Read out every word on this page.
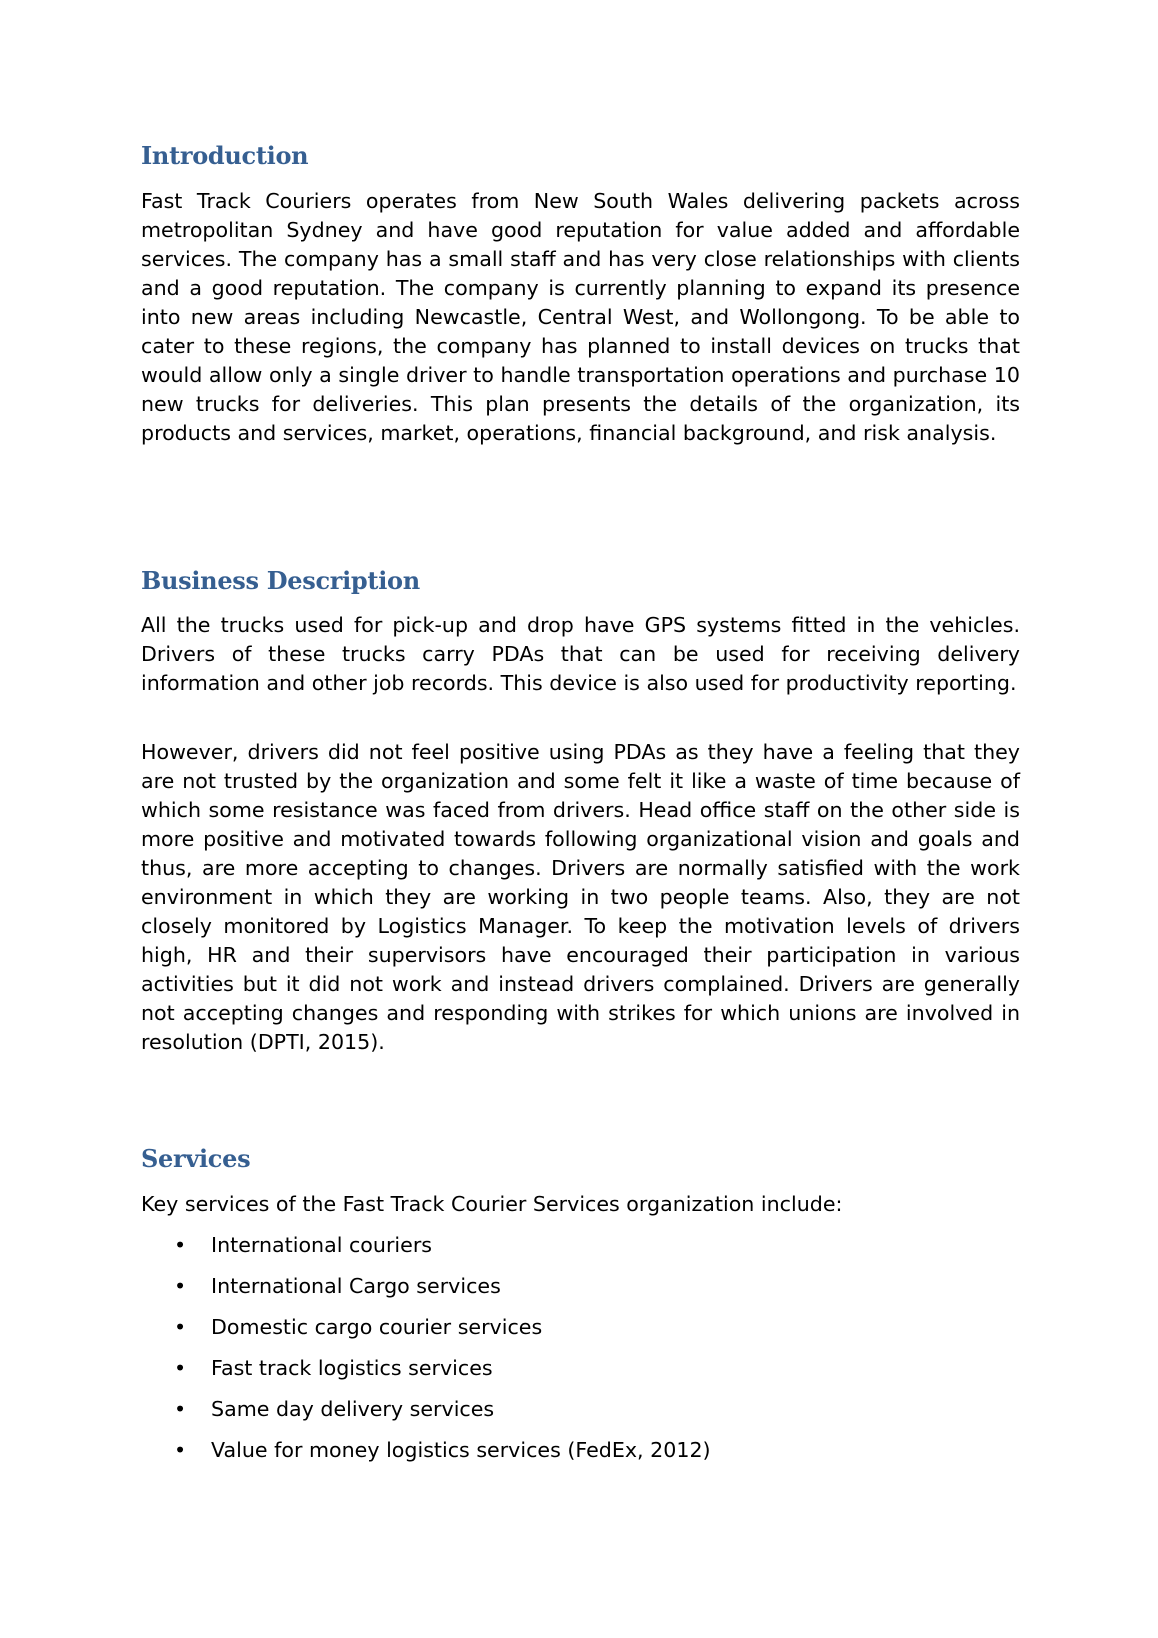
Introduction

Fast Track Couriers operates from New South Wales delivering packets across metropolitan Sydney and have good reputation for value added and affordable services. The company has a small staff and has very close relationships with clients and a good reputation. The company is currently planning to expand its presence into new areas including Newcastle, Central West, and Wollongong. To be able to cater to these regions, the company has planned to install devices on trucks that would allow only a single driver to handle transportation operations and purchase 10 new trucks for deliveries. This plan presents the details of the organization, its products and services, market, operations, financial background, and risk analysis.

Business Description

All the trucks used for pick-up and drop have GPS systems fitted in the vehicles. Drivers of these trucks carry PDAs that can be used for receiving delivery information and other job records. This device is also used for productivity reporting.

However, drivers did not feel positive using PDAs as they have a feeling that they are not trusted by the organization and some felt it like a waste of time because of which some resistance was faced from drivers. Head office staff on the other side is more positive and motivated towards following organizational vision and goals and thus, are more accepting to changes. Drivers are normally satisfied with the work environment in which they are working in two people teams. Also, they are not closely monitored by Logistics Manager. To keep the motivation levels of drivers high, HR and their supervisors have encouraged their participation in various activities but it did not work and instead drivers complained. Drivers are generally not accepting changes and responding with strikes for which unions are involved in resolution (DPTI, 2015).

Services

Key services of the Fast Track Courier Services organization include:

• International couriers
• International Cargo services
• Domestic cargo courier services
• Fast track logistics services
• Same day delivery services
• Value for money logistics services (FedEx, 2012)
